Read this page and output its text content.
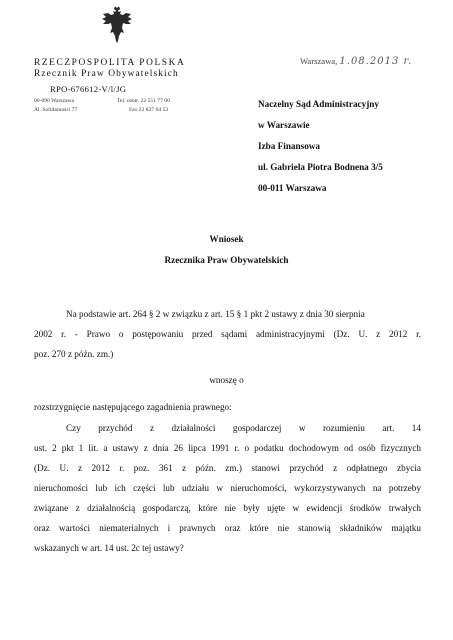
RZECZPOSPOLITA POLSKA
Rzecznik Praw Obywatelskich
RPO-676612-V/l/JG
00-090 Warszawa
Al. Solidarności 77
Tel. centr. 22 551 77 00
Fax 22 827 64 53
Warszawa, 1.08.2013 r.
Naczelny Sąd Administracyjny
w Warszawie
Izba Finansowa
ul. Gabriela Piotra Bodnena 3/5
00-011 Warszawa
Wniosek
Rzecznika Praw Obywatelskich
Na podstawie art. 264 § 2 w związku z art. 15 § 1 pkt 2 ustawy z dnia 30 sierpnia
2002 r. - Prawo o postępowaniu przed sądami administracyjnymi (Dz. U. z 2012 r.
poz. 270 z późn. zm.)
wnoszę o
rozstrzygnięcie następującego zagadnienia prawnego:
Czy przychód z działalności gospodarczej w rozumieniu art. 14
ust. 2 pkt 1 lit. a ustawy z dnia 26 lipca 1991 r. o podatku dochodowym od osób fizycznych
(Dz. U. z 2012 r. poz. 361 z późn. zm.) stanowi przychód z odpłatnego zbycia
nieruchomości lub ich części lub udziału w nieruchomości, wykorzystywanych na potrzeby
związane z działalnością gospodarczą, które nie były ujęte w ewidencji środków trwałych
oraz wartości niematerialnych i prawnych oraz które nie stanowią składników majątku
wskazanych w art. 14 ust. 2c tej ustawy?
